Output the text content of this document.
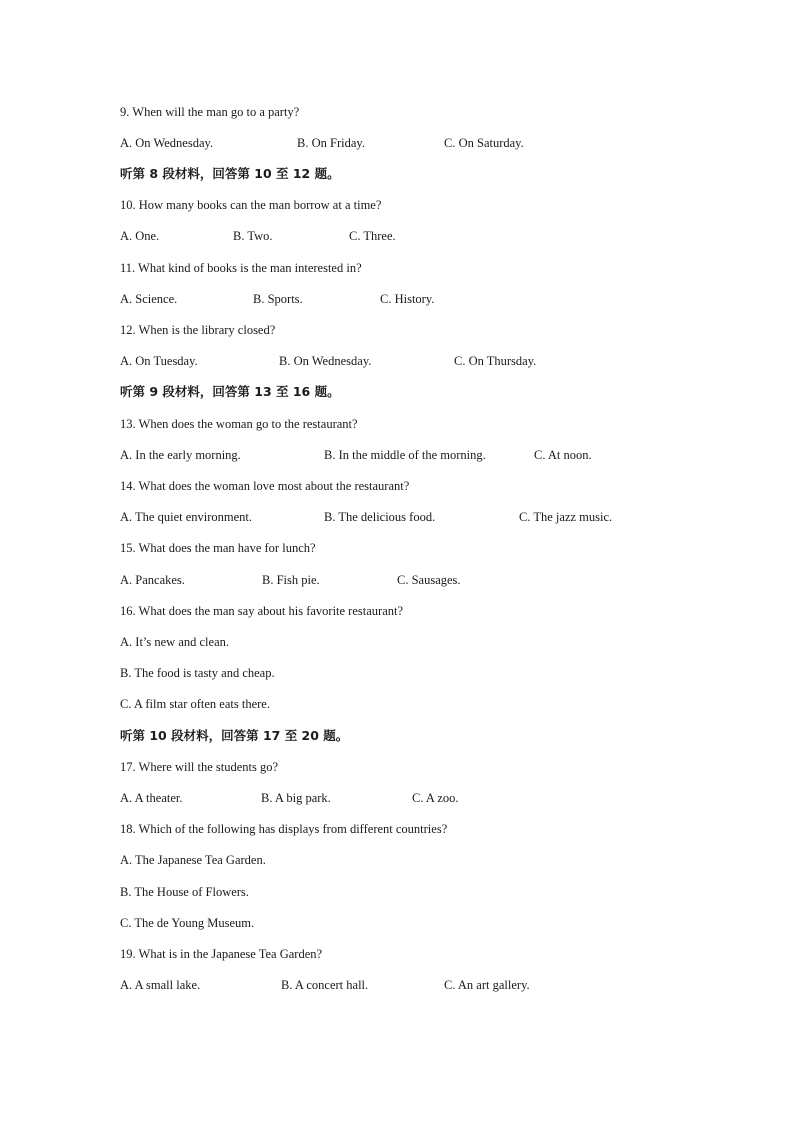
9. When will the man go to a party?
A. On Wednesday.	B. On Friday.	C. On Saturday.
听第 8 段材料，回答第 10 至 12 题。
10. How many books can the man borrow at a time?
A. One.	B. Two.	C. Three.
11. What kind of books is the man interested in?
A. Science.	B. Sports.	C. History.
12. When is the library closed?
A. On Tuesday.	B. On Wednesday.	C. On Thursday.
听第 9 段材料，回答第 13 至 16 题。
13. When does the woman go to the restaurant?
A. In the early morning.	B. In the middle of the morning.	C. At noon.
14. What does the woman love most about the restaurant?
A. The quiet environment.	B. The delicious food.	C. The jazz music.
15. What does the man have for lunch?
A. Pancakes.	B. Fish pie.	C. Sausages.
16. What does the man say about his favorite restaurant?
A. It’s new and clean.
B. The food is tasty and cheap.
C. A film star often eats there.
听第 10 段材料，回答第 17 至 20 题。
17. Where will the students go?
A. A theater.	B. A big park.	C. A zoo.
18. Which of the following has displays from different countries?
A. The Japanese Tea Garden.
B. The House of Flowers.
C. The de Young Museum.
19. What is in the Japanese Tea Garden?
A. A small lake.	B. A concert hall.	C. An art gallery.
